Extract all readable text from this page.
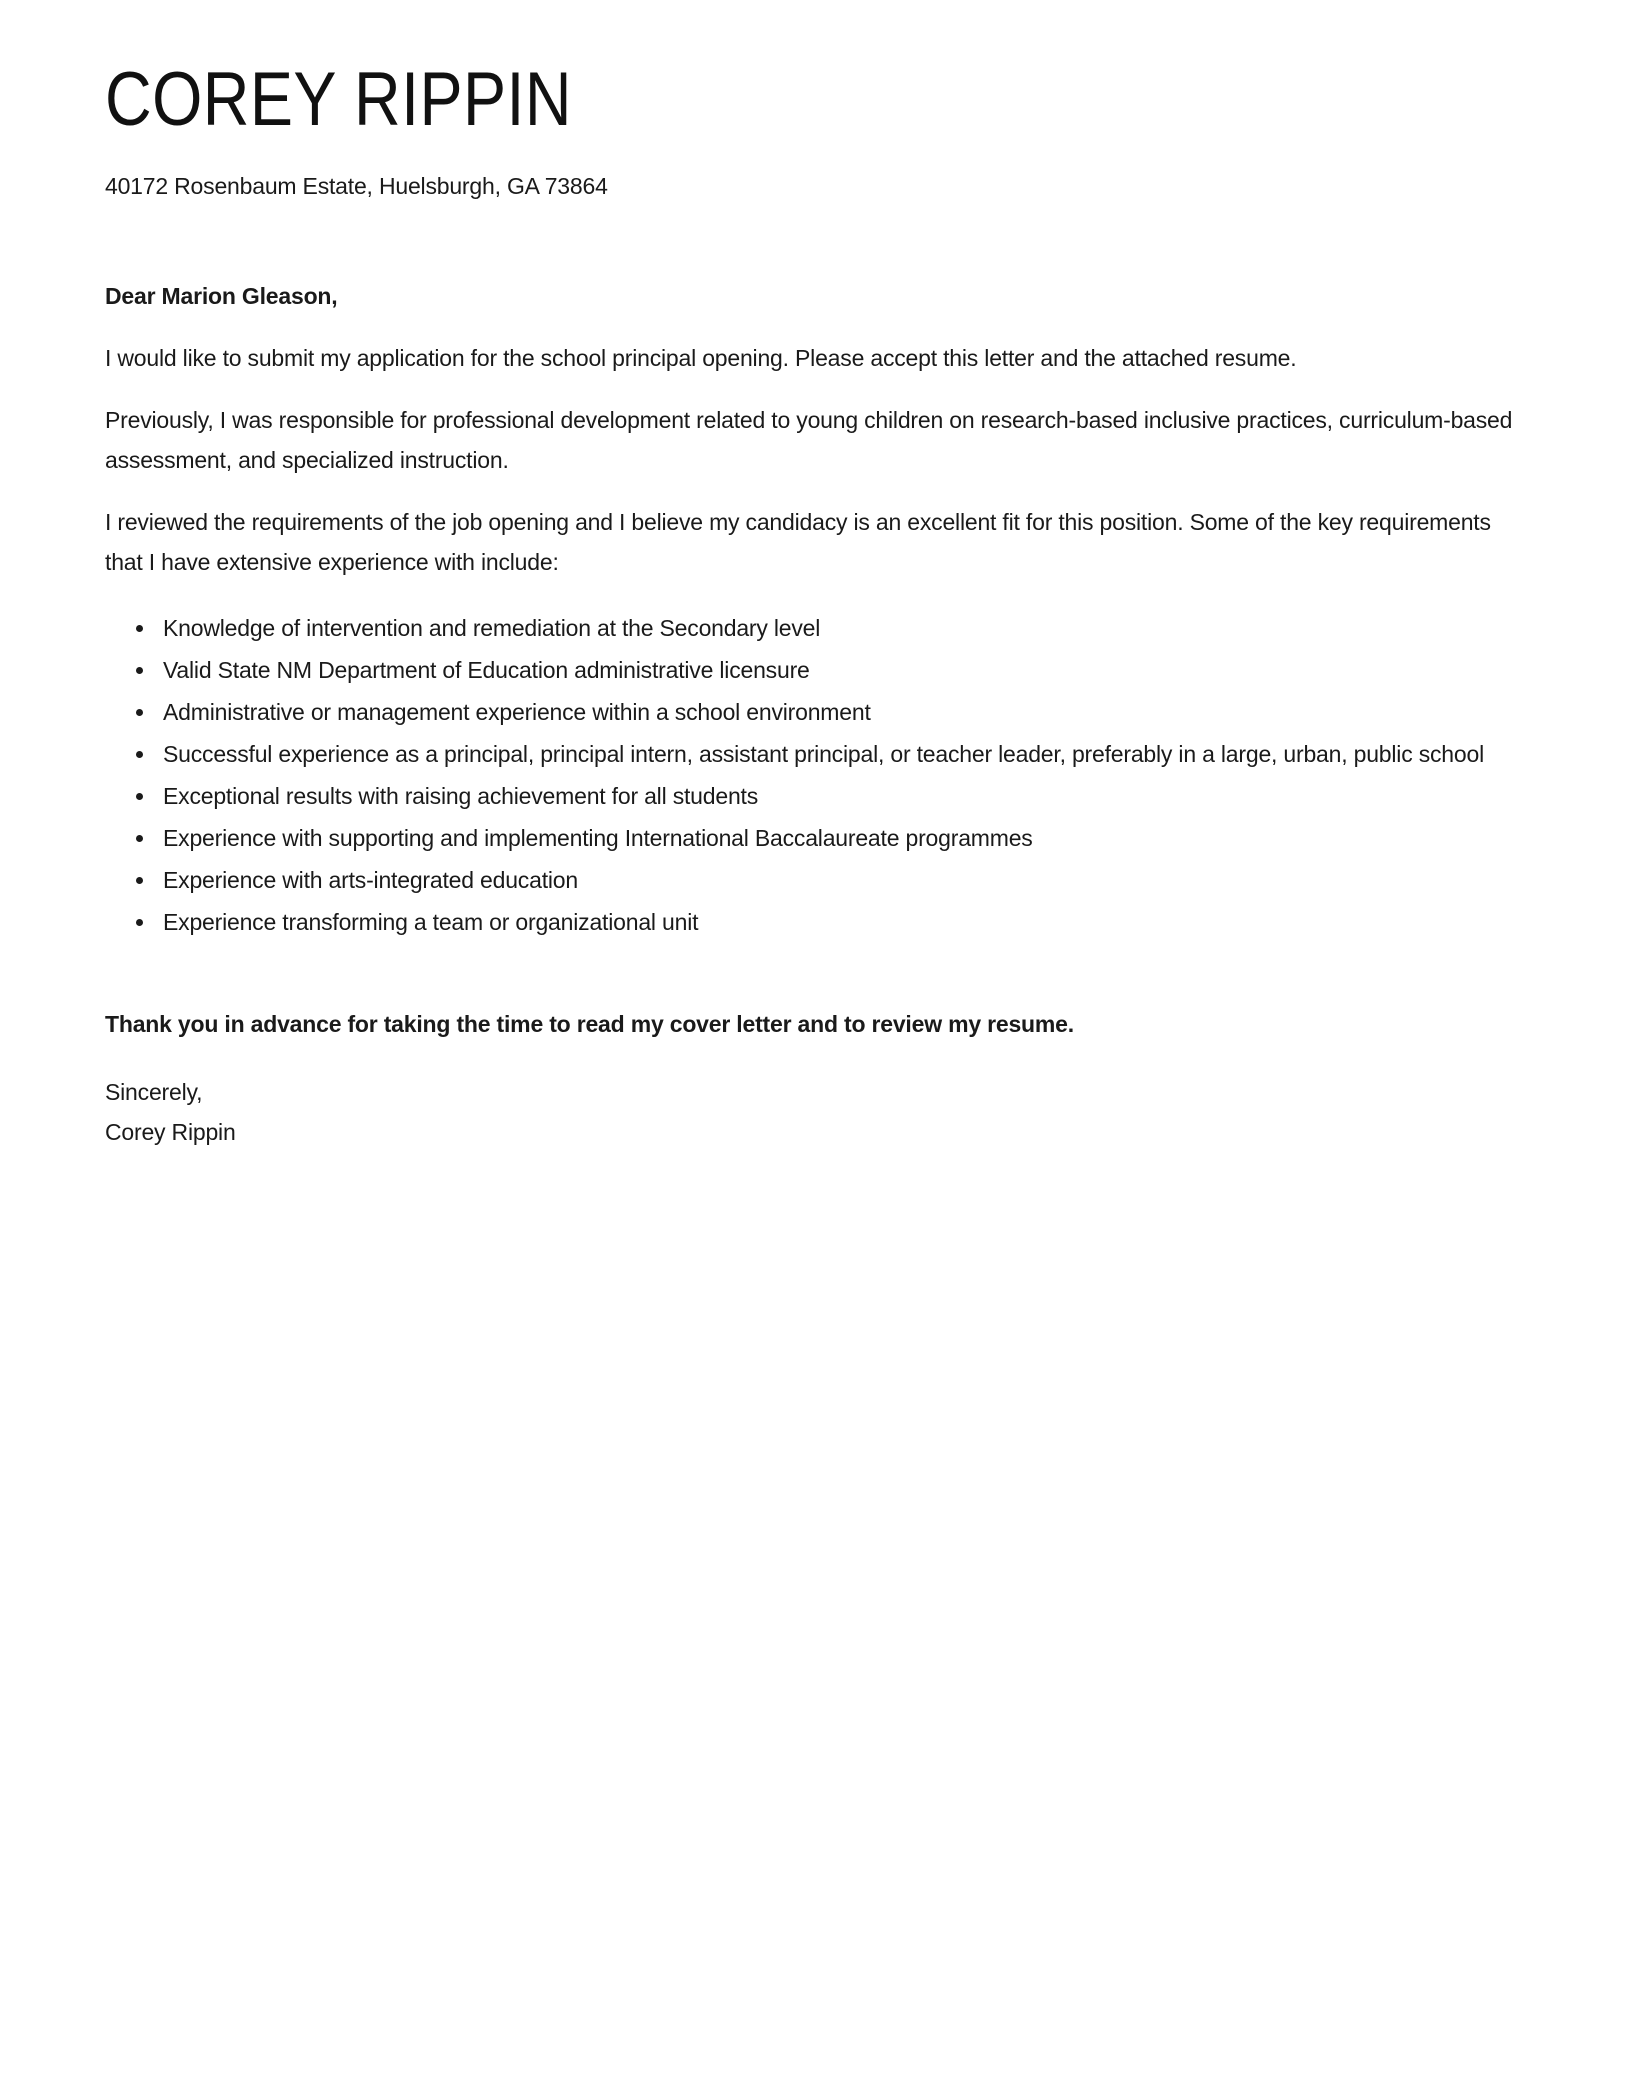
COREY RIPPIN
40172 Rosenbaum Estate, Huelsburgh, GA 73864

Dear Marion Gleason,

I would like to submit my application for the school principal opening. Please accept this letter and the attached resume.

Previously, I was responsible for professional development related to young children on research-based inclusive practices, curriculum-based assessment, and specialized instruction.

I reviewed the requirements of the job opening and I believe my candidacy is an excellent fit for this position. Some of the key requirements that I have extensive experience with include:

• Knowledge of intervention and remediation at the Secondary level
• Valid State NM Department of Education administrative licensure
• Administrative or management experience within a school environment
• Successful experience as a principal, principal intern, assistant principal, or teacher leader, preferably in a large, urban, public school
• Exceptional results with raising achievement for all students
• Experience with supporting and implementing International Baccalaureate programmes
• Experience with arts-integrated education
• Experience transforming a team or organizational unit

Thank you in advance for taking the time to read my cover letter and to review my resume.

Sincerely,
Corey Rippin
